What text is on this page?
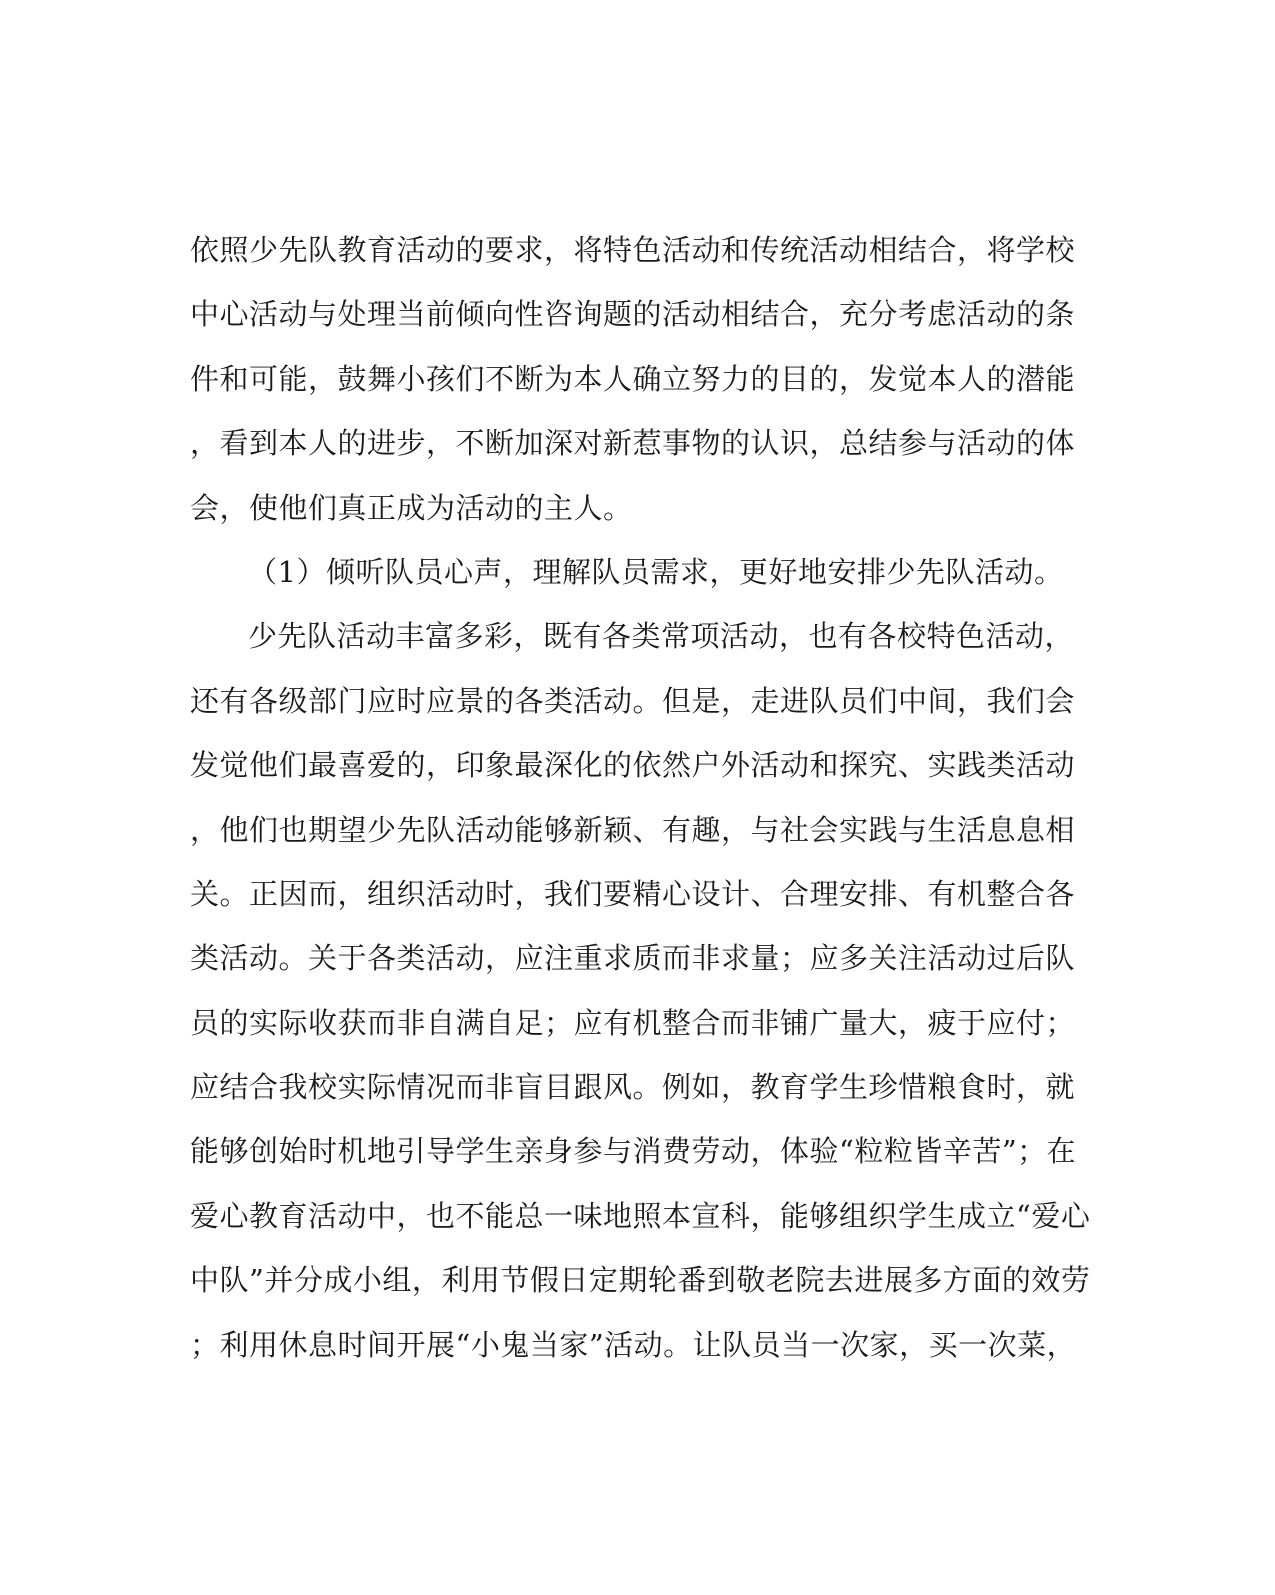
依照少先队教育活动的要求，将特色活动和传统活动相结合，将学校
中心活动与处理当前倾向性咨询题的活动相结合，充分考虑活动的条
件和可能，鼓舞小孩们不断为本人确立努力的目的，发觉本人的潜能
，看到本人的进步，不断加深对新惹事物的认识，总结参与活动的体
会，使他们真正成为活动的主人。
（1）倾听队员心声，理解队员需求，更好地安排少先队活动。
少先队活动丰富多彩，既有各类常项活动，也有各校特色活动，
还有各级部门应时应景的各类活动。但是，走进队员们中间，我们会
发觉他们最喜爱的，印象最深化的依然户外活动和探究、实践类活动
，他们也期望少先队活动能够新颖、有趣，与社会实践与生活息息相
关。正因而，组织活动时，我们要精心设计、合理安排、有机整合各
类活动。关于各类活动，应注重求质而非求量；应多关注活动过后队
员的实际收获而非自满自足；应有机整合而非铺广量大，疲于应付；
应结合我校实际情况而非盲目跟风。例如，教育学生珍惜粮食时，就
能够创始时机地引导学生亲身参与消费劳动，体验“粒粒皆辛苦”；在
爱心教育活动中，也不能总一味地照本宣科，能够组织学生成立“爱心
中队”并分成小组，利用节假日定期轮番到敬老院去进展多方面的效劳
；利用休息时间开展“小鬼当家”活动。让队员当一次家，买一次菜，
